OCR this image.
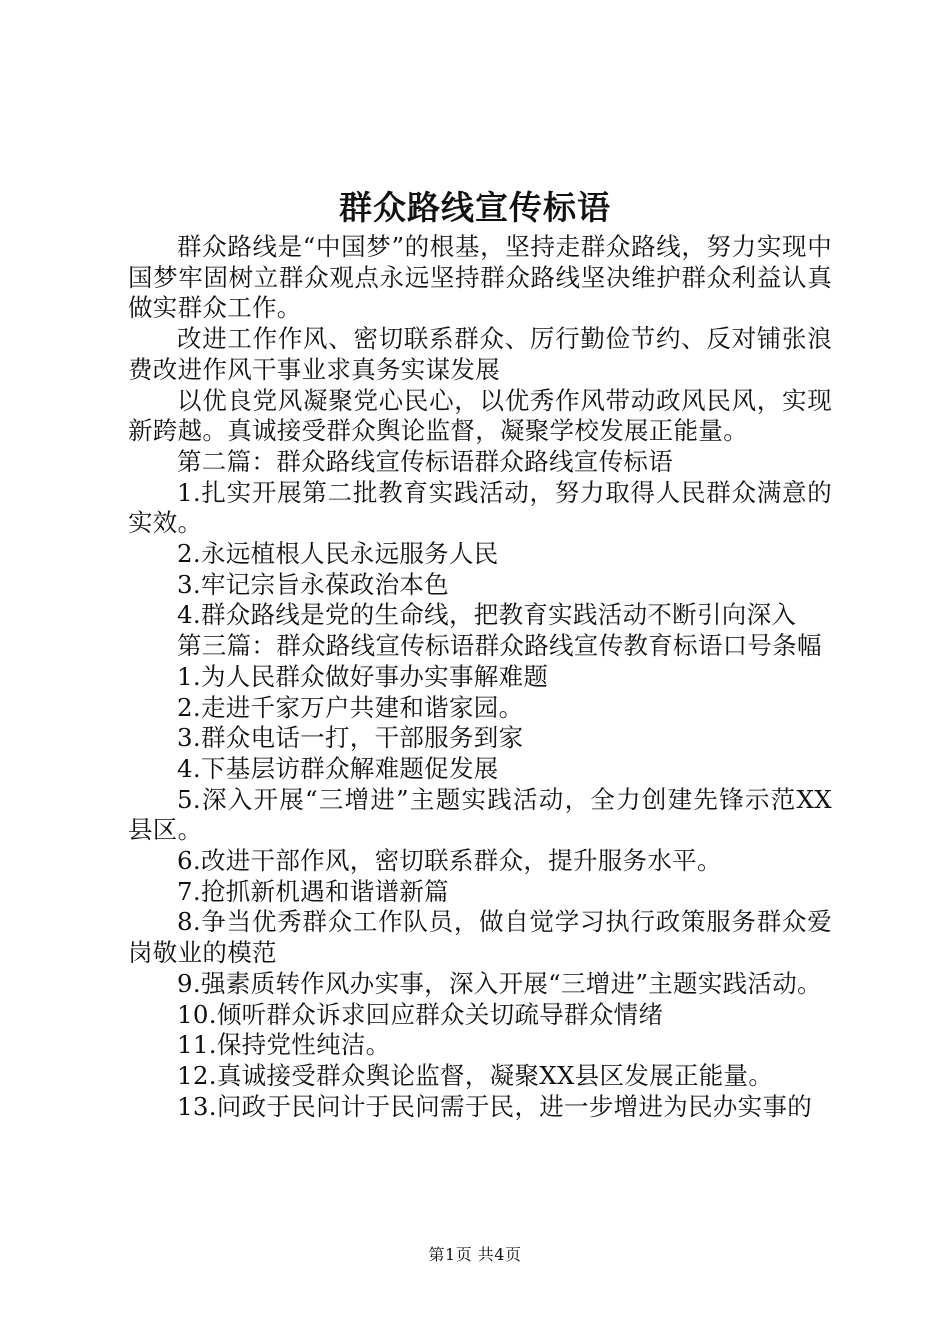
群众路线宣传标语

群众路线是“中国梦”的根基，坚持走群众路线，努力实现中国梦牢固树立群众观点永远坚持群众路线坚决维护群众利益认真做实群众工作。

改进工作作风、密切联系群众、厉行勤俭节约、反对铺张浪费改进作风干事业求真务实谋发展

以优良党风凝聚党心民心，以优秀作风带动政风民风，实现新跨越。真诚接受群众舆论监督，凝聚学校发展正能量。

第二篇：群众路线宣传标语群众路线宣传标语

1.扎实开展第二批教育实践活动，努力取得人民群众满意的实效。

2.永远植根人民永远服务人民

3.牢记宗旨永葆政治本色

4.群众路线是党的生命线，把教育实践活动不断引向深入

第三篇：群众路线宣传标语群众路线宣传教育标语口号条幅

1.为人民群众做好事办实事解难题

2.走进千家万户共建和谐家园。

3.群众电话一打，干部服务到家

4.下基层访群众解难题促发展

5.深入开展“三增进”主题实践活动，全力创建先锋示范XX县区。

6.改进干部作风，密切联系群众，提升服务水平。

7.抢抓新机遇和谐谱新篇

8.争当优秀群众工作队员，做自觉学习执行政策服务群众爱岗敬业的模范

9.强素质转作风办实事，深入开展“三增进”主题实践活动。

10.倾听群众诉求回应群众关切疏导群众情绪

11.保持党性纯洁。

12.真诚接受群众舆论监督，凝聚XX县区发展正能量。

13.问政于民问计于民问需于民，进一步增进为民办实事的

第1页 共4页
